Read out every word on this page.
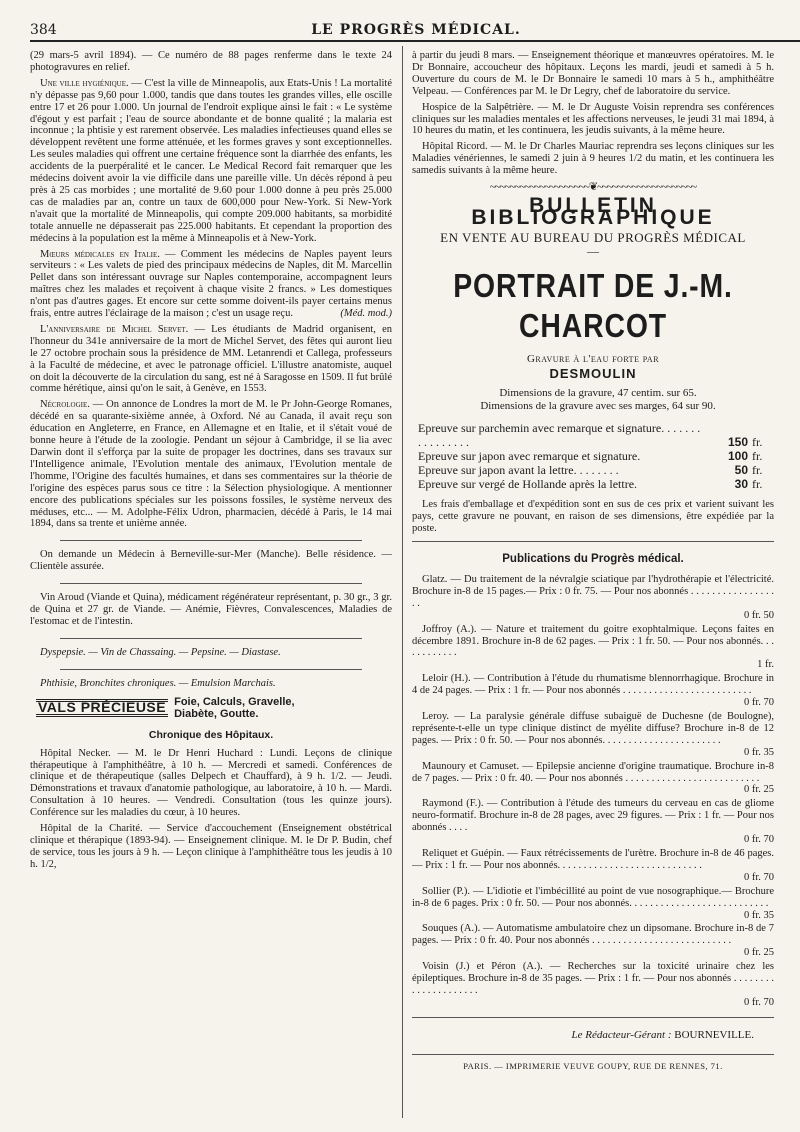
384	LE PROGRÈS MÉDICAL.

(29 mars-5 avril 1894). — Ce numéro de 88 pages renferme dans le texte 24 photogravures en relief.

Une ville hygiénique. — C'est la ville de Minneapolis, aux Etats-Unis ! La mortalité n'y dépasse pas 9,60 pour 1.000, tandis que dans toutes les grandes villes, elle oscille entre 17 et 26 pour 1.000. Un journal de l'endroit explique ainsi le fait : « Le système d'égout y est parfait ; l'eau de source abondante et de bonne qualité ; la malaria est inconnue ; la phtisie y est rarement observée. Les maladies infectieuses quand elles se développent revêtent une forme atténuée, et les formes graves y sont exceptionnelles. Les seules maladies qui offrent une certaine fréquence sont la diarrhée des enfants, les accidents de la puerpéralité et le cancer. Le Medical Record fait remarquer que les médecins doivent avoir la vie difficile dans une pareille ville. Un décès répond à peu près à 25 cas morbides ; une mortalité de 9.60 pour 1.000 donne à peu près 25.000 cas de maladies par an, contre un taux de 600,000 pour New-York. Si New-York n'avait que la mortalité de Minneapolis, qui compte 209.000 habitants, sa morbidité totale annuelle ne dépasserait pas 225.000 habitants. Et cependant la proportion des médecins à la population est la même à Minneapolis et à New-York.

Mœurs médicales en Italie. — Comment les médecins de Naples payent leurs serviteurs : « Les valets de pied des principaux médecins de Naples, dit M. Marcellin Pellet dans son intéressant ouvrage sur Naples contemporaine, accompagnent leurs maîtres chez les malades et reçoivent à chaque visite 2 francs. » Les domestiques n'ont pas d'autres gages. Et encore sur cette somme doivent-ils payer certains menus frais, entre autres l'éclairage de la maison ; c'est un usage reçu.	(Méd. mod.)

L'anniversaire de Michel Servet. — Les étudiants de Madrid organisent, en l'honneur du 341e anniversaire de la mort de Michel Servet, des fêtes qui auront lieu le 27 octobre prochain sous la présidence de MM. Letanrendi et Callega, professeurs à la Faculté de médecine, et avec le patronage officiel. L'illustre anatomiste, auquel on doit la découverte de la circulation du sang, est né à Saragosse en 1509. Il fut brûlé comme hérétique, ainsi qu'on le sait, à Genève, en 1553.

Nécrologie. — On annonce de Londres la mort de M. le Pr John-George Romanes, décédé en sa quarante-sixième année, à Oxford. Né au Canada, il avait reçu son éducation en Angleterre, en France, en Allemagne et en Italie, et il s'était voué de bonne heure à l'étude de la zoologie. Pendant un séjour à Cambridge, il se lia avec Darwin dont il s'efforça par la suite de propager les doctrines, dans ses travaux sur l'Intelligence animale, l'Evolution mentale des animaux, l'Evolution mentale de l'homme, l'Origine des facultés humaines, et dans ses commentaires sur la théorie de l'origine des espèces parus sous ce titre : la Sélection physiologique. A mentionner encore des publications spéciales sur les poissons fossiles, le système nerveux des méduses, etc... — M. Adolphe-Félix Udron, pharmacien, décédé à Paris, le 14 mai 1894, dans sa trente et unième année.

On demande un Médecin à Berneville-sur-Mer (Manche). Belle résidence. — Clientèle assurée.

Vin Aroud (Viande et Quina), médicament régénérateur représentant, p. 30 gr., 3 gr. de Quina et 27 gr. de Viande. — Anémie, Fièvres, Convalescences, Maladies de l'estomac et de l'intestin.

Dyspepsie. — Vin de Chassaing. — Pepsine. — Diastase.

Phthisie, Bronchites chroniques. — Emulsion Marchais.

VALS PRÉCIEUSE Foie, Calculs, Gravelle,
Diabète, Goutte.
Chronique des Hôpitaux.

Hôpital Necker. — M. le Dr Henri Huchard : Lundi. Leçons de clinique thérapeutique à l'amphithéâtre, à 10 h. — Mercredi et samedi. Conférences de clinique et de thérapeutique (salles Delpech et Chauffard), à 9 h. 1/2. — Jeudi. Démonstrations et travaux d'anatomie pathologique, au laboratoire, à 10 h. — Mardi. Consultation à 10 heures. — Vendredi. Consultation (tous les quinze jours). Conférence sur les maladies du cœur, à 10 heures.

Hôpital de la Charité. — Service d'accouchement (Enseignement obstétrical clinique et thérapique (1893-94). — Enseignement clinique. M. le Dr P. Budin, chef de service, tous les jours à 9 h. — Leçon clinique à l'amphithéâtre tous les jeudis à 10 h. 1/2,

à partir du jeudi 8 mars. — Enseignement théorique et manœuvres opératoires. M. le Dr Bonnaire, accoucheur des hôpitaux. Leçons les mardi, jeudi et samedi à 5 h. Ouverture du cours de M. le Dr Bonnaire le samedi 10 mars à 5 h., amphithéâtre Velpeau. — Conférences par M. le Dr Legry, chef de laboratoire du service.

Hospice de la Salpêtrière. — M. le Dr Auguste Voisin reprendra ses conférences cliniques sur les maladies mentales et les affections nerveuses, le jeudi 31 mai 1894, à 10 heures du matin, et les continuera, les jeudis suivants, à la même heure.

Hôpital Ricord. — M. le Dr Charles Mauriac reprendra ses leçons cliniques sur les Maladies vénériennes, le samedi 2 juin à 9 heures 1/2 du matin, et les continuera les samedis suivants à la même heure.

~~~~~~~~~~~~~~~~~~~~❦~~~~~~~~~~~~~~~~~~~~
BULLETIN BIBLIOGRAPHIQUE
EN VENTE AU BUREAU DU PROGRÈS MÉDICAL
—
PORTRAIT DE J.-M. CHARCOT
Gravure à l'eau forte par
DESMOULIN

Dimensions de la gravure, 47 centim. sur 65.

Dimensions de la gravure avec ses marges, 64 sur 90.

Epreuve sur parchemin avec remarque et signature. . . . . . . . . . . . . . . .	150 fr.
Epreuve sur japon avec remarque et signature.	100 fr.
Epreuve sur japon avant la lettre. . . . . . . .	50 fr.
Epreuve sur vergé de Hollande après la lettre.	30 fr.

Les frais d'emballage et d'expédition sont en sus de ces prix et varient suivant les pays, cette gravure ne pouvant, en raison de ses dimensions, être expédiée par la poste.

Publications du Progrès médical.

Glatz. — Du traitement de la névralgie sciatique par l'hydrothérapie et l'électricité. Brochure in-8 de 15 pages.— Prix : 0 fr. 75. — Pour nos abonnés . . . . . . . . . . . . . . . . . .

0 fr. 50

Joffroy (A.). — Nature et traitement du goitre exophtalmique. Leçons faites en décembre 1891. Brochure in-8 de 62 pages. — Prix : 1 fr. 50. — Pour nos abonnés. . . . . . . . . . . .

1 fr.

Leloir (H.). — Contribution à l'étude du rhumatisme blennorrhagique. Brochure in 4 de 24 pages. — Prix : 1 fr. — Pour nos abonnés . . . . . . . . . . . . . . . . . . . . . . . . .

0 fr. 70

Leroy. — La paralysie générale diffuse subaiguë de Duchesne (de Boulogne), représente-t-elle un type clinique distinct de myélite diffuse? Brochure in-8 de 12 pages. — Prix : 0 fr. 50. — Pour nos abonnés. . . . . . . . . . . . . . . . . . . . . . .

0 fr. 35

Maunoury et Camuset. — Epilepsie ancienne d'origine traumatique. Brochure in-8 de 7 pages. — Prix : 0 fr. 40. — Pour nos abonnés . . . . . . . . . . . . . . . . . . . . . . . . . .

0 fr. 25

Raymond (F.). — Contribution à l'étude des tumeurs du cerveau en cas de gliome neuro-formatif. Brochure in-8 de 28 pages, avec 29 figures. — Prix : 1 fr. — Pour nos abonnés . . . .

0 fr. 70

Reliquet et Guépin. — Faux rétrécissements de l'urètre. Brochure in-8 de 46 pages. — Prix : 1 fr. — Pour nos abonnés. . . . . . . . . . . . . . . . . . . . . . . . . . . .

0 fr. 70

Sollier (P.). — L'idiotie et l'imbécillité au point de vue nosographique.— Brochure in-8 de 6 pages. Prix : 0 fr. 50. — Pour nos abonnés. . . . . . . . . . . . . . . . . . . . . . . . . . .

0 fr. 35

Souques (A.). — Automatisme ambulatoire chez un dipsomane. Brochure in-8 de 7 pages. — Prix : 0 fr. 40. Pour nos abonnés . . . . . . . . . . . . . . . . . . . . . . . . . . .

0 fr. 25

Voisin (J.) et Péron (A.). — Recherches sur la toxicité urinaire chez les épileptiques. Brochure in-8 de 35 pages. — Prix : 1 fr. — Pour nos abonnés . . . . . . . . . . . . . . . . . . . . .

0 fr. 70
Le Rédacteur-Gérant : BOURNEVILLE.
PARIS. — IMPRIMERIE VEUVE GOUPY, RUE DE RENNES, 71.
